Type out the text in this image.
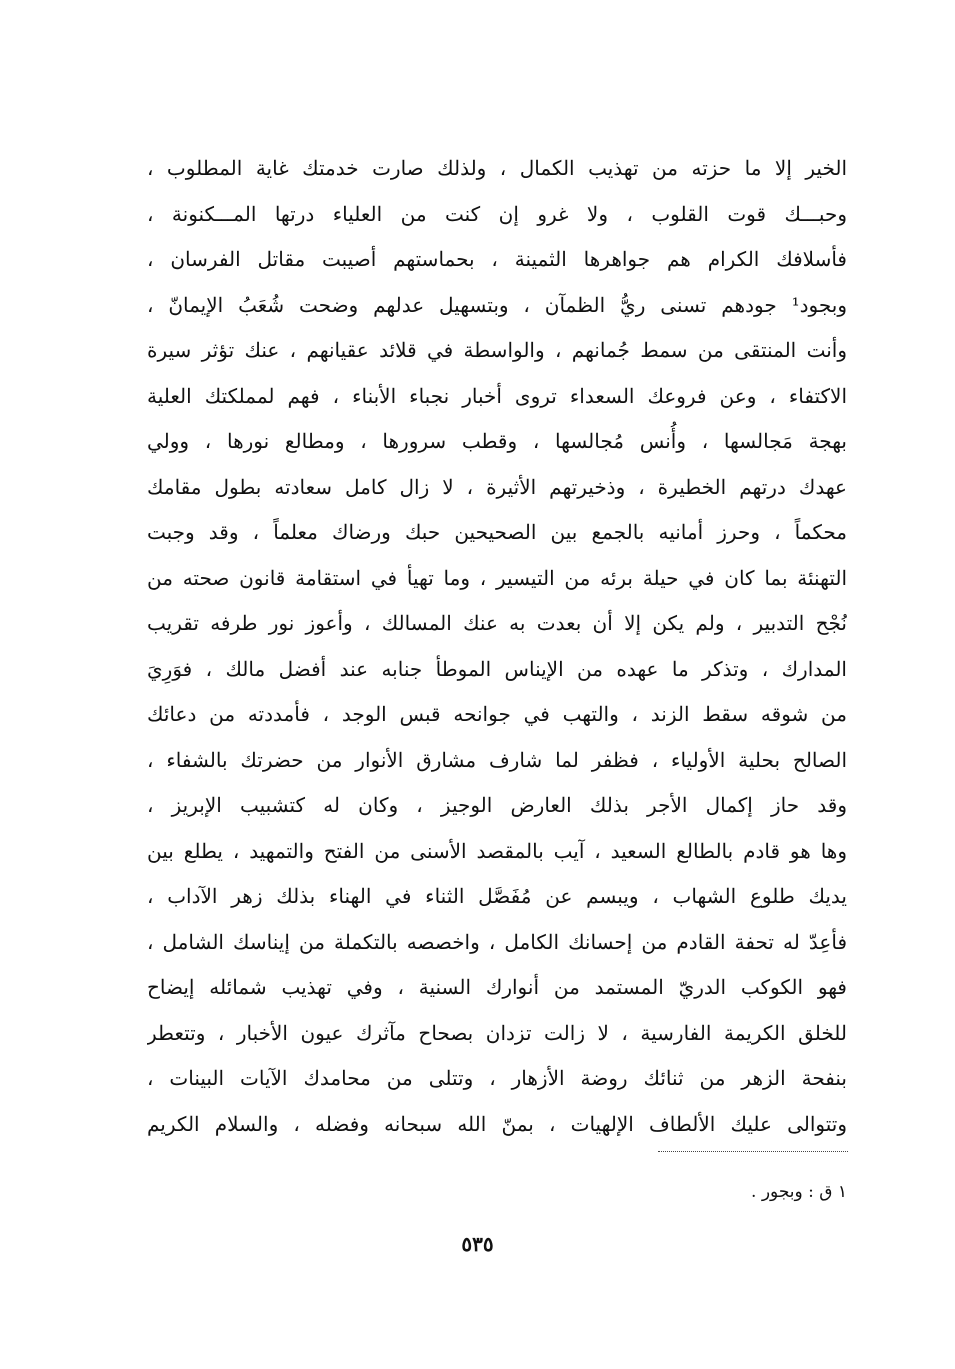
الخير إلا ما حزته من تهذيب الكمال ، ولذلك صارت خدمتك غاية المطلوب ،
وحبـــك قوت القلوب ، ولا غرو إن كنت من العلياء درتها المـــكنونة ،
فأسلافك الكرام هم جواهرها الثمينة ، بحماستهم أصيبت مقاتل الفرسان ،
وبجود¹ جودهم تسنى ريُّ الظمآن ، وبتسهيل عدلهم وضحت شُعَبُ الإيمانّ ،
وأنت المنتقى من سمط جُمانهم ، والواسطة في قلائد عقيانهم ، عنك تؤثر سيرة
الاكتفاء ، وعن فروعك السعداء تروى أخبار نجباء الأبناء ، فهم لمملكتك العلية
بهجة مَجالسها ، وأُنس مُجالسها ، وقطب سرورها ، ومطالع نورها ، وولي
عهدك درتهم الخطيرة ، وذخيرتهم الأثيرة ، لا زال كامل سعادته بطول مقامك
محكماً ، وحرز أمانيه بالجمع بين الصحيحين حبك ورضاك معلماً ، وقد وجبت
التهنئة بما كان في حيلة برئه من التيسير ، وما تهيأ في استقامة قانون صحته من
نُجْح التدبير ، ولم يكن إلا أن بعدت به عنك المسالك ، وأعوز نور طرفه تقريب
المدارك ، وتذكر ما عهده من الإيناس الموطأ جنابه عند أفضل مالك ، فوَرِيَ
من شوقه سقط الزند ، والتهب في جوانحه قبس الوجد ، فأمددته من دعائك
الصالح بحلية الأولياء ، فظفر لما شارف مشارق الأنوار من حضرتك بالشفاء ،
وقد حاز إكمال الأجر بذلك العارض الوجيز ، وكان له كتشبيب الإبريز ،
وها هو قادم بالطالع السعيد ، آيب بالمقصد الأسنى من الفتح والتمهيد ، يطلع بين
يديك طلوع الشهاب ، ويبسم عن مُفَصَّل الثناء في الهناء بذلك زهر الآداب ،
فأعِدّ له تحفة القادم من إحسانك الكامل ، واخصصه بالتكملة من إيناسك الشامل ،
فهو الكوكب الدريّ المستمد من أنوارك السنية ، وفي تهذيب شمائله إيضاح
للخلق الكريمة الفارسية ، لا زالت تزدان بصحاح مآثرك عيون الأخبار ، وتتعطر
بنفحة الزهر من ثنائك روضة الأزهار ، وتتلى من محامدك الآيات البينات ،
وتتوالى عليك الألطاف الإلهيات ، بمنّ الله سبحانه وفضله ، والسلام الكريم
١ ق : وبجور .
٥٣٥
